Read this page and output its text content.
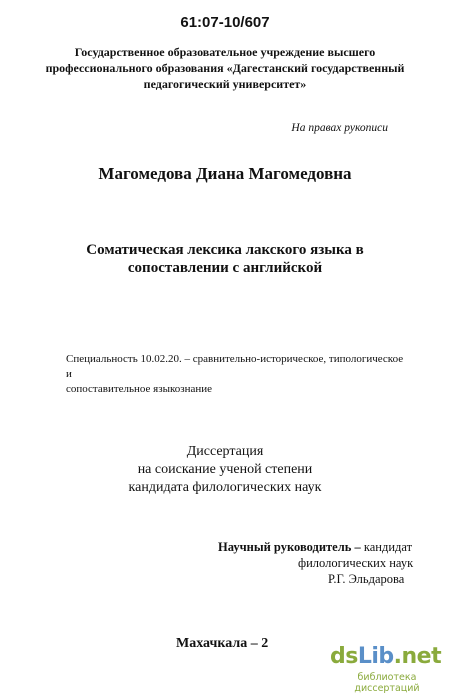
61:07-10/607
Государственное образовательное учреждение высшего
профессионального образования «Дагестанский государственный
педагогический университет»
На правах рукописи
Магомедова Диана Магомедовна
Соматическая лексика лакского языка в
сопоставлении с английской
Специальность 10.02.20. – сравнительно-историческое, типологическое и
сопоставительное языкознание
Диссертация
на соискание ученой степени
кандидата филологических наук
Научный руководитель – кандидат
филологических наук
Р.Г. Эльдарова
Махачкала – 2
dsLib.net
библиотека диссертаций
